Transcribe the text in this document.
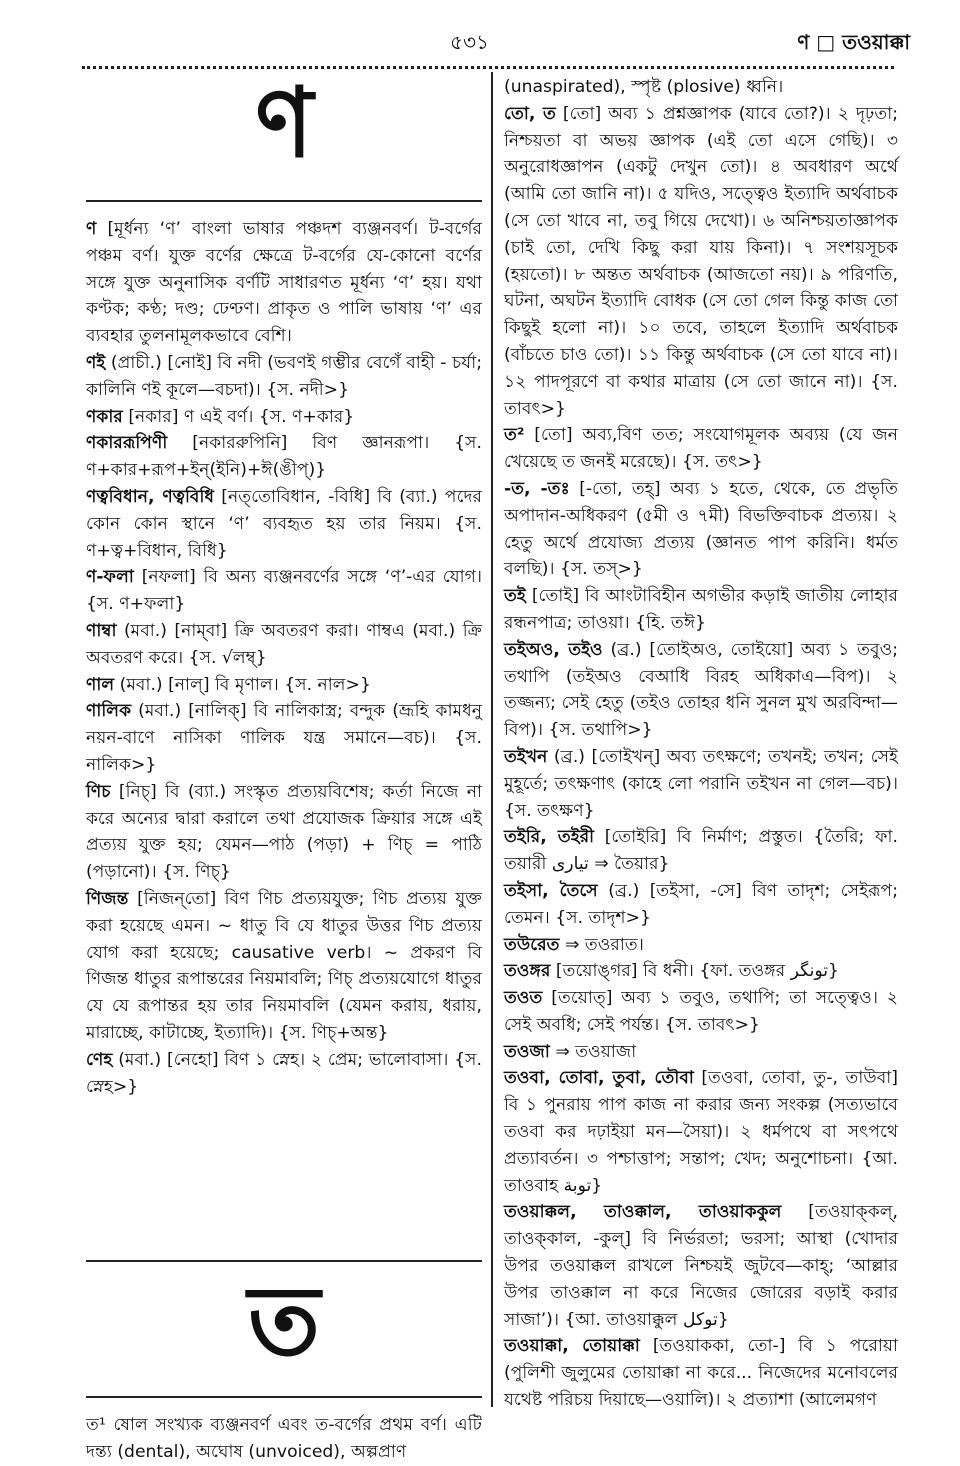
৫৩১	ণ □ তওয়াক্কা
ণ

ণ [মূর্ধন্য ‘ণ’ বাংলা ভাষার পঞ্চদশ ব্যঞ্জনবর্ণ। ট-বর্গের পঞ্চম বর্ণ। যুক্ত বর্ণের ক্ষেত্রে ট-বর্গের যে-কোনো বর্ণের সঙ্গে যুক্ত অনুনাসিক বর্ণটি সাধারণত মূর্ধন্য ‘ণ’ হয়। যথা কণ্টক; কণ্ঠ; দণ্ড; ঢেণ্ঢণ। প্রাকৃত ও পালি ভাষায় ‘ণ’ এর ব্যবহার তুলনামূলকভাবে বেশি।

ণই (প্রাচী.) [নোই] বি নদী (ভবণই গম্ভীর বেগেঁ বাহী - চর্যা; কালিনি ণই কূলে—বচদা)। {স. নদী>}

ণকার [নকার] ণ এই বর্ণ। {স. ণ+কার}

ণকাররূপিণী [নকাররুপিনি] বিণ জ্ঞানরূপা। {স. ণ+কার+রূপ+ইন্(ইনি)+ঈ(ঙীপ্)}

ণত্ববিধান, ণত্ববিধি [নত্‌তোবিধান, -বিধি] বি (ব্যা.) পদের কোন কোন স্থানে ‘ণ’ ব্যবহৃত হয় তার নিয়ম। {স. ণ+ত্ব+বিধান, বিধি}

ণ-ফলা [নফলা] বি অন্য ব্যঞ্জনবর্ণের সঙ্গে ‘ণ’-এর যোগ। {স. ণ+ফলা}

ণাম্বা (মবা.) [নাম্‌বা] ক্রি অবতরণ করা। ণাম্বএ (মবা.) ক্রি অবতরণ করে। {স. √লম্ব্}

ণাল (মবা.) [নাল্] বি মৃণাল। {স. নাল>}

ণালিক (মবা.) [নালিক্] বি নালিকাস্ত্র; বন্দুক (ভ্রূহি কামধনু নয়ন-বাণে নাসিকা ণালিক যন্ত্র সমানে—বচ)। {স. নালিক>}

ণিচ [নিচ্] বি (ব্যা.) সংস্কৃত প্রত্যয়বিশেষ; কর্তা নিজে না করে অন্যের দ্বারা করালে তথা প্রযোজক ক্রিয়ার সঙ্গে এই প্রত্যয় যুক্ত হয়; যেমন—পাঠ (পড়া) + ণিচ্ = পাঠি (পড়ানো)। {স. ণিচ্}

ণিজন্ত [নিজন্‌তো] বিণ ণিচ প্রত্যয়যুক্ত; ণিচ প্রত্যয় যুক্ত করা হয়েছে এমন। ~ ধাতু বি যে ধাতুর উত্তর ণিচ প্রত্যয় যোগ করা হয়েছে; causative verb। ~ প্রকরণ বি ণিজন্ত ধাতুর রূপান্তরের নিয়মাবলি; ণিচ্ প্রত্যয়যোগে ধাতুর যে যে রূপান্তর হয় তার নিয়মাবলি (যেমন করায়, ধরায়, মারাচ্ছে, কাটাচ্ছে, ইত্যাদি)। {স. ণিচ্+অন্ত}

ণেহ (মবা.) [নেহো] বিণ ১ স্নেহ। ২ প্রেম; ভালোবাসা। {স. স্নেহ>}

ত

ত¹ ষোল সংখ্যক ব্যঞ্জনবর্ণ এবং ত-বর্গের প্রথম বর্ণ। এটি দন্ত্য (dental), অঘোষ (unvoiced), অল্পপ্রাণ

(unaspirated), স্পৃষ্ট (plosive) ধ্বনি।

তো, ত [তো] অব্য ১ প্রশ্নজ্ঞাপক (যাবে তো?)। ২ দৃঢ়তা; নিশ্চয়তা বা অভয় জ্ঞাপক (এই তো এসে গেছি)। ৩ অনুরোধজ্ঞাপন (একটু দেখুন তো)। ৪ অবধারণ অর্থে (আমি তো জানি না)। ৫ যদিও, সত্ত্বেও ইত্যাদি অর্থবাচক (সে তো খাবে না, তবু গিয়ে দেখো)। ৬ অনিশ্চয়তাজ্ঞাপক (চাই তো, দেখি কিছু করা যায় কিনা)। ৭ সংশয়সূচক (হয়তো)। ৮ অন্তত অর্থবাচক (আজতো নয়)। ৯ পরিণতি, ঘটনা, অঘটন ইত্যাদি বোধক (সে তো গেল কিন্তু কাজ তো কিছুই হলো না)। ১০ তবে, তাহলে ইত্যাদি অর্থবাচক (বাঁচতে চাও তো)। ১১ কিন্তু অর্থবাচক (সে তো যাবে না)। ১২ পাদপূরণে বা কথার মাত্রায় (সে তো জানে না)। {স. তাবৎ>}

ত² [তো] অব্য,বিণ তত; সংযোগমূলক অব্যয় (যে জন খেয়েছে ত জনই মরেছে)। {স. তৎ>}

-ত, -তঃ [-তো, তহ্] অব্য ১ হতে, থেকে, তে প্রভৃতি অপাদান-অধিকরণ (৫মী ও ৭মী) বিভক্তিবাচক প্রত্যয়। ২ হেতু অর্থে প্রযোজ্য প্রত্যয় (জ্ঞানত পাপ করিনি। ধর্মত বলছি)। {স. তস্>}

তই [তোই] বি আংটাবিহীন অগভীর কড়াই জাতীয় লোহার রন্ধনপাত্র; তাওয়া। {হি. তঈ}

তইঅও, তইও (ব্র.) [তোইঅও, তোইয়ো] অব্য ১ তবুও; তথাপি (তইঅও বেআধি বিরহ অধিকাএ—বিপ)। ২ তজ্জন্য; সেই হেতু (তইও তোহর ধনি সুনল মুখ অরবিন্দা—বিপ)। {স. তথাপি>}

তইখন (ব্র.) [তোইখন্] অব্য তৎক্ষণে; তখনই; তখন; সেই মুহূর্তে; তৎক্ষণাৎ (কাহে লো পরানি তইখন না গেল—বচ)। {স. তৎক্ষণ}

তইরি, তইরী [তোইরি] বি নির্মাণ; প্রস্তুত। {তৈরি; ফা. তয়ারী تیاری ⇒ তৈয়ার}

তইসা, তৈসে (ব্র.) [তইসা, -সে] বিণ তাদৃশ; সেইরূপ; তেমন। {স. তাদৃশ>}

তউরেত ⇒ তওরাত।

তওঙ্গর [তয়োঙ্‌গর] বি ধনী। {ফা. তওঙ্গর تونگر}

তওত [তয়োত্] অব্য ১ তবুও, তথাপি; তা সত্ত্বেও। ২ সেই অবধি; সেই পর্যন্ত। {স. তাবৎ>}

তওজা ⇒ তওয়াজা

তওবা, তোবা, তুবা, তৌবা [তওবা, তোবা, তু-, তাউবা] বি ১ পুনরায় পাপ কাজ না করার জন্য সংকল্প (সত্যভাবে তওবা কর দঢ়াইয়া মন—সৈয়া)। ২ ধর্মপথে বা সৎপথে প্রত্যাবর্তন। ৩ পশ্চাত্তাপ; সন্তাপ; খেদ; অনুশোচনা। {আ. তাওবাহ توبة}

তওয়াক্কল, তাওক্কাল, তাওয়াককুল [তওয়াক্‌কল্, তাওক্‌কাল, -কুল্] বি নির্ভরতা; ভরসা; আস্থা (খোদার উপর তওয়াক্কল রাখলে নিশ্চয়ই জুটবে—কাহ্; ‘আল্লার উপর তাওক্কাল না করে নিজের জোরের বড়াই করার সাজা’)। {আ. তাওয়াক্কুল توکل}

তওয়াক্কা, তোয়াক্কা [তওয়াককা, তো-] বি ১ পরোয়া (পুলিশী জুলুমের তোয়াক্কা না করে... নিজেদের মনোবলের যথেষ্ট পরিচয় দিয়াছে—ওয়ালি)। ২ প্রত্যাশা (আলেমগণ
